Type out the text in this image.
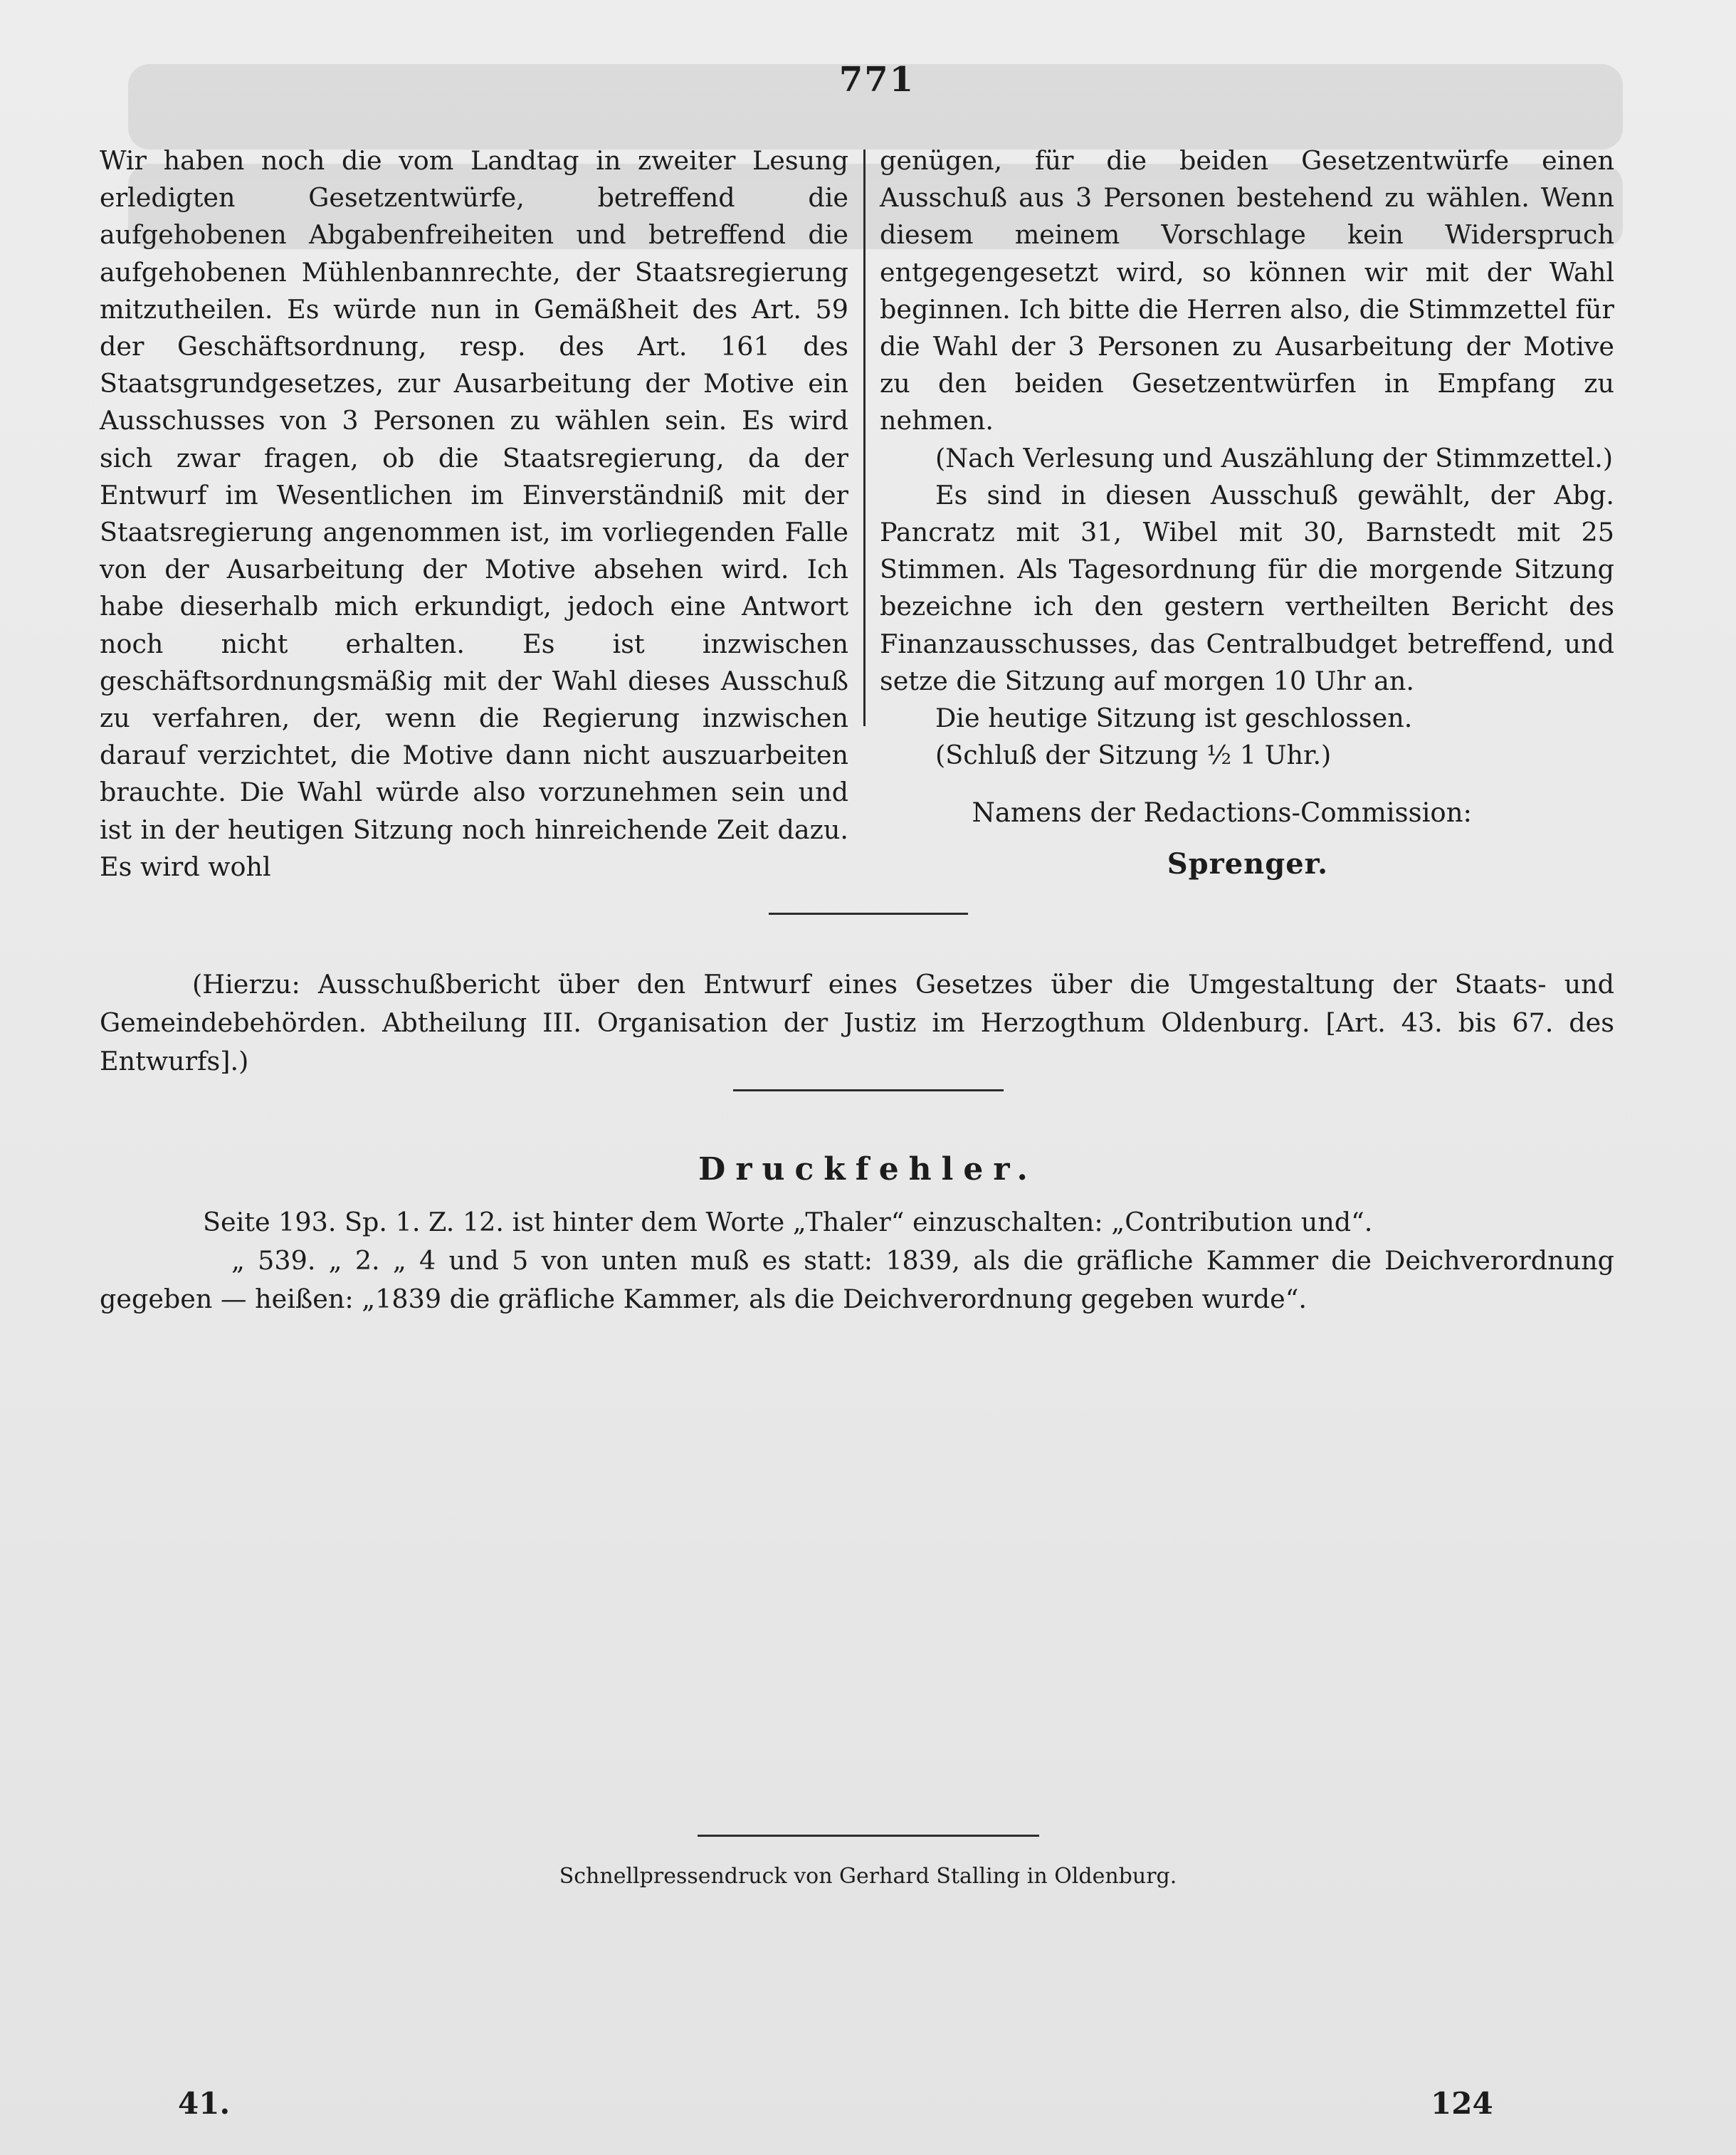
771

Wir haben noch die vom Landtag in zweiter Lesung erledigten Gesetzentwürfe, betreffend die aufgehobenen Abgabenfreiheiten und betreffend die aufgehobenen Mühlenbannrechte, der Staatsregierung mitzutheilen. Es würde nun in Gemäßheit des Art. 59 der Geschäftsordnung, resp. des Art. 161 des Staatsgrundgesetzes, zur Ausarbeitung der Motive ein Ausschusses von 3 Personen zu wählen sein. Es wird sich zwar fragen, ob die Staatsregierung, da der Entwurf im Wesentlichen im Einverständniß mit der Staatsregierung angenommen ist, im vorliegenden Falle von der Ausarbeitung der Motive absehen wird. Ich habe dieserhalb mich erkundigt, jedoch eine Antwort noch nicht erhalten. Es ist inzwischen geschäftsordnungsmäßig mit der Wahl dieses Ausschuß zu verfahren, der, wenn die Regierung inzwischen darauf verzichtet, die Motive dann nicht auszuarbeiten brauchte. Die Wahl würde also vorzunehmen sein und ist in der heutigen Sitzung noch hinreichende Zeit dazu. Es wird wohl

genügen, für die beiden Gesetzentwürfe einen Ausschuß aus 3 Personen bestehend zu wählen. Wenn diesem meinem Vorschlage kein Widerspruch entgegengesetzt wird, so können wir mit der Wahl beginnen. Ich bitte die Herren also, die Stimmzettel für die Wahl der 3 Personen zu Ausarbeitung der Motive zu den beiden Gesetzentwürfen in Empfang zu nehmen.

(Nach Verlesung und Auszählung der Stimmzettel.)

Es sind in diesen Ausschuß gewählt, der Abg. Pancratz mit 31, Wibel mit 30, Barnstedt mit 25 Stimmen. Als Tagesordnung für die morgende Sitzung bezeichne ich den gestern vertheilten Bericht des Finanzausschusses, das Centralbudget betreffend, und setze die Sitzung auf morgen 10 Uhr an.

Die heutige Sitzung ist geschlossen.

(Schluß der Sitzung ½ 1 Uhr.)

Namens der Redactions-Commission:
Sprenger.

(Hierzu: Ausschußbericht über den Entwurf eines Gesetzes über die Umgestaltung der Staats- und Gemeindebehörden. Abtheilung III. Organisation der Justiz im Herzogthum Oldenburg. [Art. 43. bis 67. des Entwurfs].)

Druckfehler.

Seite 193. Sp. 1. Z. 12. ist hinter dem Worte „Thaler“ einzuschalten: „Contribution und“.

„ 539. „ 2. „ 4 und 5 von unten muß es statt: 1839, als die gräfliche Kammer die Deichverordnung gegeben — heißen: „1839 die gräfliche Kammer, als die Deichverordnung gegeben wurde“.

Schnellpressendruck von Gerhard Stalling in Oldenburg.
41.	124
